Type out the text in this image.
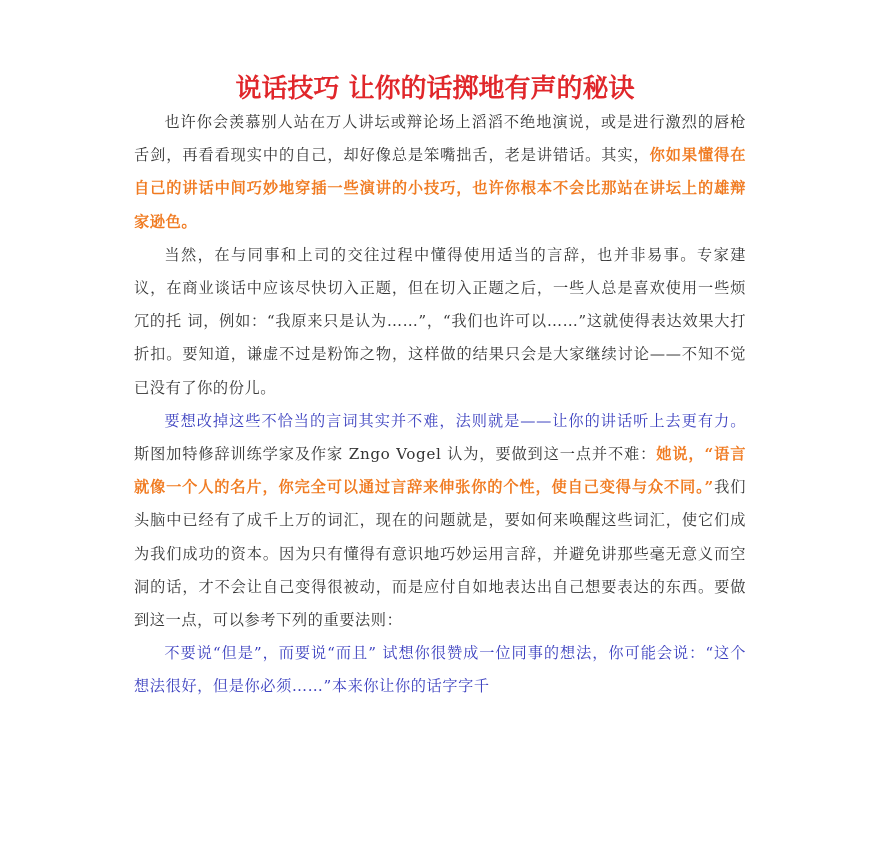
说话技巧 让你的话掷地有声的秘诀

也许你会羡慕别人站在万人讲坛或辩论场上滔滔不绝地演说，或是进行激烈的唇枪舌剑，再看看现实中的自己，却好像总是笨嘴拙舌，老是讲错话。其实，你如果懂得在自己的讲话中间巧妙地穿插一些演讲的小技巧，也许你根本不会比那站在讲坛上的雄辩家逊色。

当然，在与同事和上司的交往过程中懂得使用适当的言辞，也并非易事。专家建议，在商业谈话中应该尽快切入正题，但在切入正题之后，一些人总是喜欢使用一些烦冗的托 词，例如：“我原来只是认为……”，“我们也许可以……”这就使得表达效果大打折扣。要知道，谦虚不过是粉饰之物，这样做的结果只会是大家继续讨论——不知不觉已没有了你的份儿。

要想改掉这些不恰当的言词其实并不难，法则就是——让你的讲话听上去更有力。斯图加特修辞训练学家及作家 Zngo Vogel 认为，要做到这一点并不难：她说，“语言就像一个人的名片，你完全可以通过言辞来伸张你的个性，使自己变得与众不同。”我们头脑中已经有了成千上万的词汇，现在的问题就是，要如何来唤醒这些词汇，使它们成为我们成功的资本。因为只有懂得有意识地巧妙运用言辞，并避免讲那些毫无意义而空洞的话，才不会让自己变得很被动，而是应付自如地表达出自己想要表达的东西。要做到这一点，可以参考下列的重要法则：

不要说“但是”，而要说“而且” 试想你很赞成一位同事的想法，你可能会说：“这个想法很好，但是你必须……”本来你让你的话字字千
